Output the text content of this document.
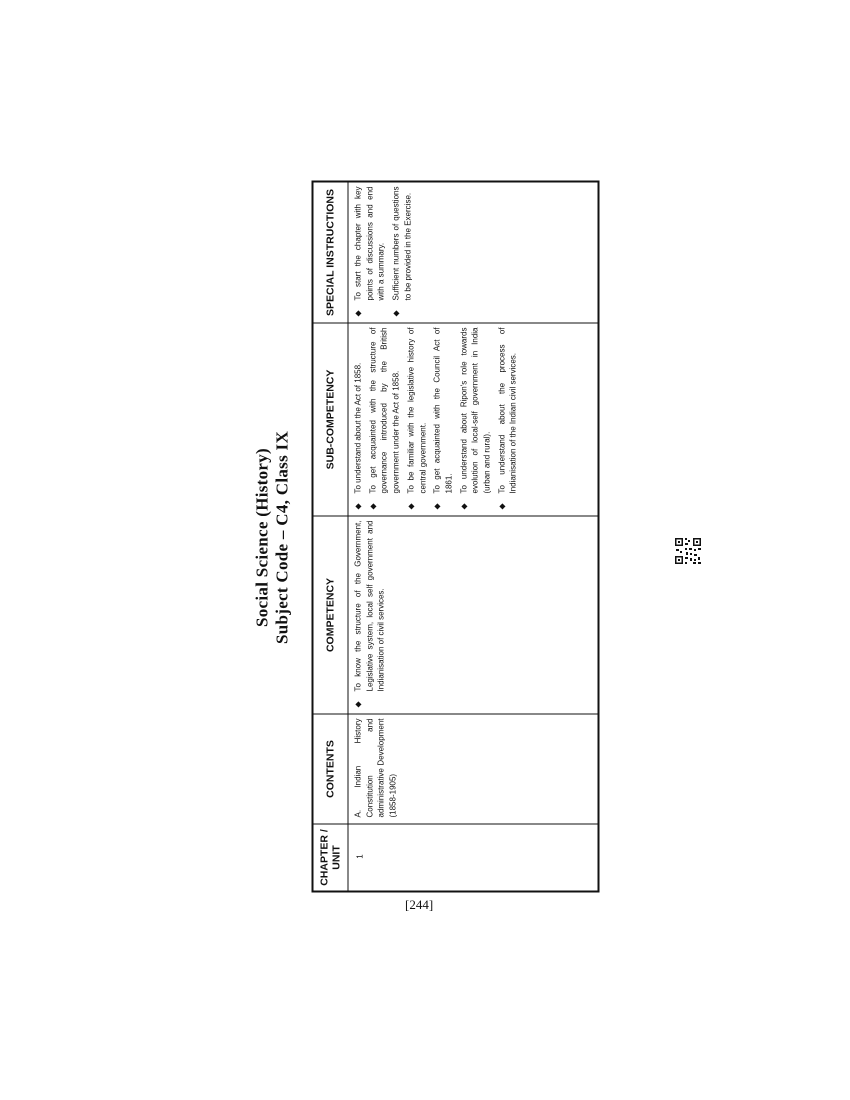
Social Science (History) Subject Code – C4, Class IX
CHAPTER / UNIT
CONTENTS
COMPETENCY
SUB-COMPETENCY
SPECIAL INSTRUCTIONS
1
A. Indian History Constitution and administrative Development (1858-1905)
◆
To know the structure of the Government, Legislative system, local self government and Indianisation of civil services.
◆
To understand about the Act of 1858.
◆
To get acquainted with the structure of governance introduced by the British government under the Act of 1858.
◆
To be familiar with the legislative history of central government.
◆
To get acquainted with the Council Act of 1861.
◆
To understand about Ripon's role towards evolution of local-self government in India (urban and rural).
◆
To understand about the process of Indianisation of the Indian civil services.
◆
To start the chapter with key points of discussions and end with a summary.
◆
Sufficient numbers of questions to be provided in the Exercise.
[244]
